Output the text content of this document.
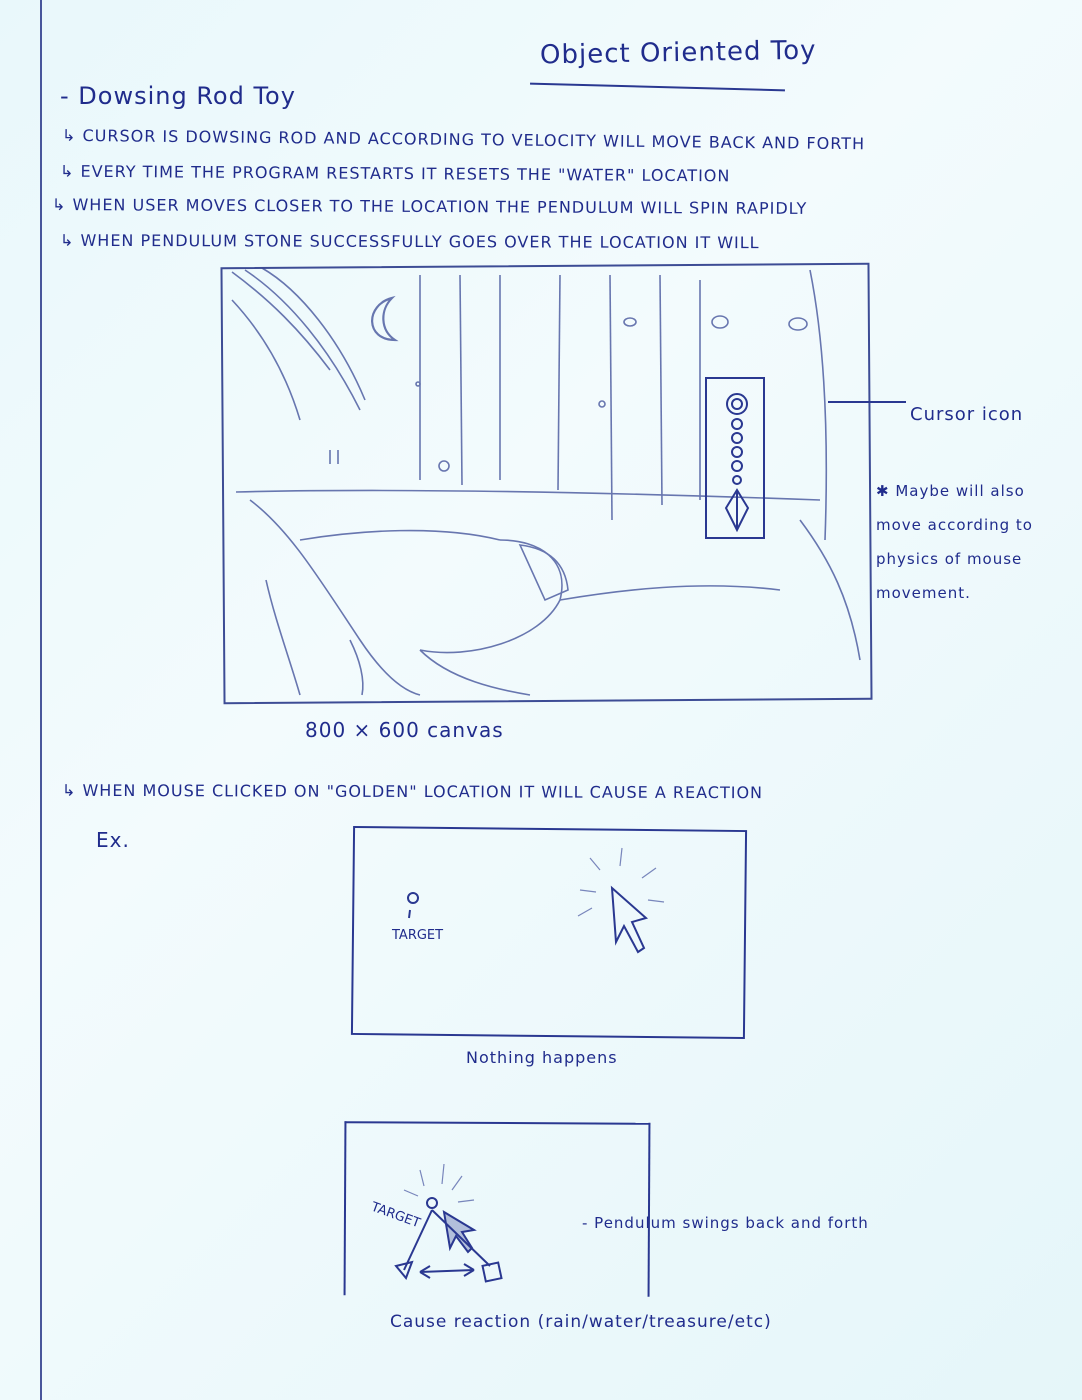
Object Oriented Toy
- Dowsing Rod Toy
↳ CURSOR IS DOWSING ROD AND ACCORDING TO VELOCITY WILL MOVE BACK AND FORTH
↳ EVERY TIME THE PROGRAM RESTARTS IT RESETS THE "WATER" LOCATION
↳ WHEN USER MOVES CLOSER TO THE LOCATION THE PENDULUM WILL SPIN RAPIDLY
↳ WHEN PENDULUM STONE SUCCESSFULLY GOES OVER THE LOCATION IT WILL
800 × 600 canvas
Cursor icon
✱ Maybe will also move according to physics of mouse movement.
↳ WHEN MOUSE CLICKED ON "GOLDEN" LOCATION IT WILL CAUSE A REACTION
Ex.
TARGET
Nothing happens
TARGET	- Pendulum swings back and forth
Cause reaction (rain/water/treasure/etc)
